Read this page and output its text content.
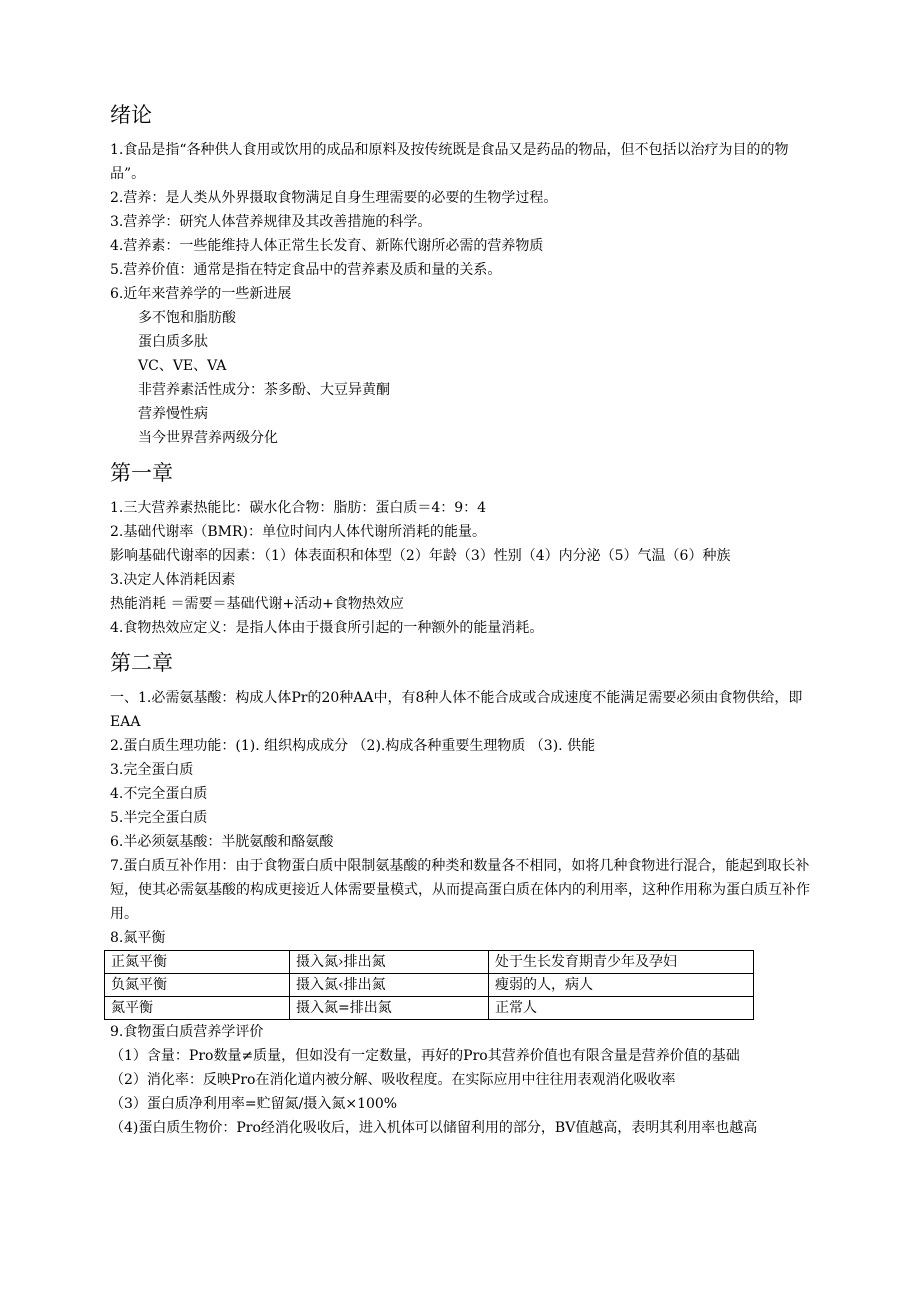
绪论

1.食品是指“各种供人食用或饮用的成品和原料及按传统既是食品又是药品的物品，但不包括以治疗为目的的物品”。

2.营养：是人类从外界摄取食物满足自身生理需要的必要的生物学过程。

3.营养学：研究人体营养规律及其改善措施的科学。

4.营养素：一些能维持人体正常生长发育、新陈代谢所必需的营养物质

5.营养价值：通常是指在特定食品中的营养素及质和量的关系。

6.近年来营养学的一些新进展

多不饱和脂肪酸

蛋白质多肽

VC、VE、VA

非营养素活性成分：茶多酚、大豆异黄酮

营养慢性病

当今世界营养两级分化

第一章

1.三大营养素热能比：碳水化合物：脂肪：蛋白质＝4：9：4

2.基础代谢率（BMR)：单位时间内人体代谢所消耗的能量。

影响基础代谢率的因素：（1）体表面积和体型（2）年龄（3）性别（4）内分泌（5）气温（6）种族

3.决定人体消耗因素

热能消耗 ＝需要＝基础代谢+活动+食物热效应

4.食物热效应定义：是指人体由于摄食所引起的一种额外的能量消耗。

第二章

一、1.必需氨基酸：构成人体Pr的20种AA中，有8种人体不能合成或合成速度不能满足需要必须由食物供给，即EAA

2.蛋白质生理功能：(1). 组织构成成分 （2).构成各种重要生理物质 （3). 供能

3.完全蛋白质

4.不完全蛋白质

5.半完全蛋白质

6.半必须氨基酸：半胱氨酸和酪氨酸

7.蛋白质互补作用：由于食物蛋白质中限制氨基酸的种类和数量各不相同，如将几种食物进行混合，能起到取长补短，使其必需氨基酸的构成更接近人体需要量模式，从而提高蛋白质在体内的利用率，这种作用称为蛋白质互补作用。

8.氮平衡

正氮平衡	摄入氮›排出氮	处于生长发育期青少年及孕妇
负氮平衡	摄入氮‹排出氮	瘦弱的人，病人
氮平衡	摄入氮=排出氮	正常人

9.食物蛋白质营养学评价

（1）含量：Pro数量≠质量，但如没有一定数量，再好的Pro其营养价值也有限含量是营养价值的基础

（2）消化率：反映Pro在消化道内被分解、吸收程度。在实际应用中往往用表观消化吸收率

（3）蛋白质净利用率=贮留氮/摄入氮×100%

（4)蛋白质生物价：Pro经消化吸收后，进入机体可以储留利用的部分，BV值越高，表明其利用率也越高
